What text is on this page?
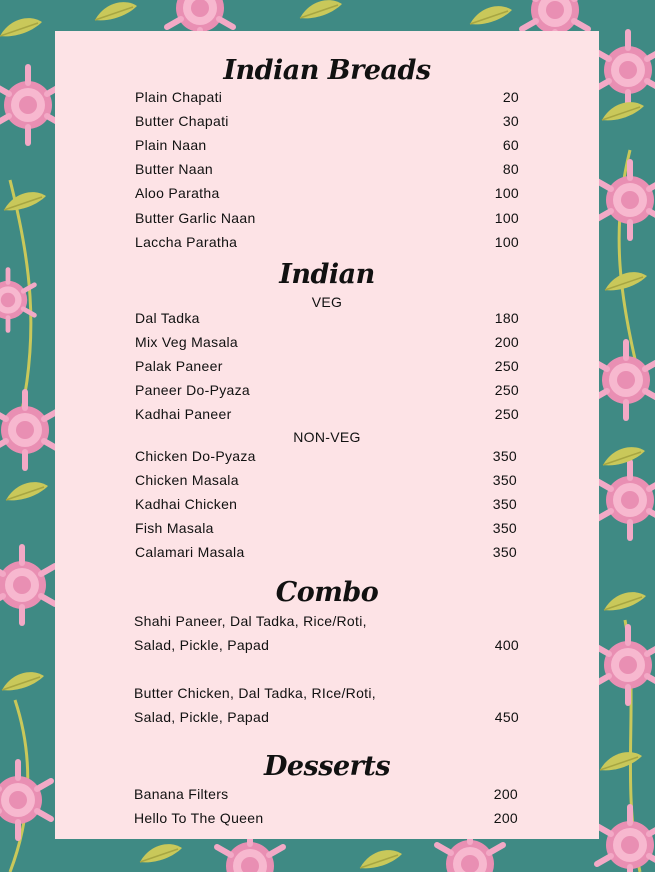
Indian Breads
Plain Chapati	20
Butter Chapati	30
Plain Naan	60
Butter Naan	80
Aloo Paratha	100
Butter Garlic Naan	100
Laccha Paratha	100
Indian
VEG
Dal Tadka	180
Mix Veg Masala	200
Palak Paneer	250
Paneer Do-Pyaza	250
Kadhai Paneer	250
NON-VEG
Chicken Do-Pyaza	350
Chicken Masala	350
Kadhai Chicken	350
Fish Masala	350
Calamari Masala	350
Combo
Shahi Paneer, Dal Tadka, Rice/Roti,
Salad, Pickle, Papad	400
Butter Chicken, Dal Tadka, RIce/Roti,
Salad, Pickle, Papad	450
Desserts
Banana Filters	200
Hello To The Queen	200
